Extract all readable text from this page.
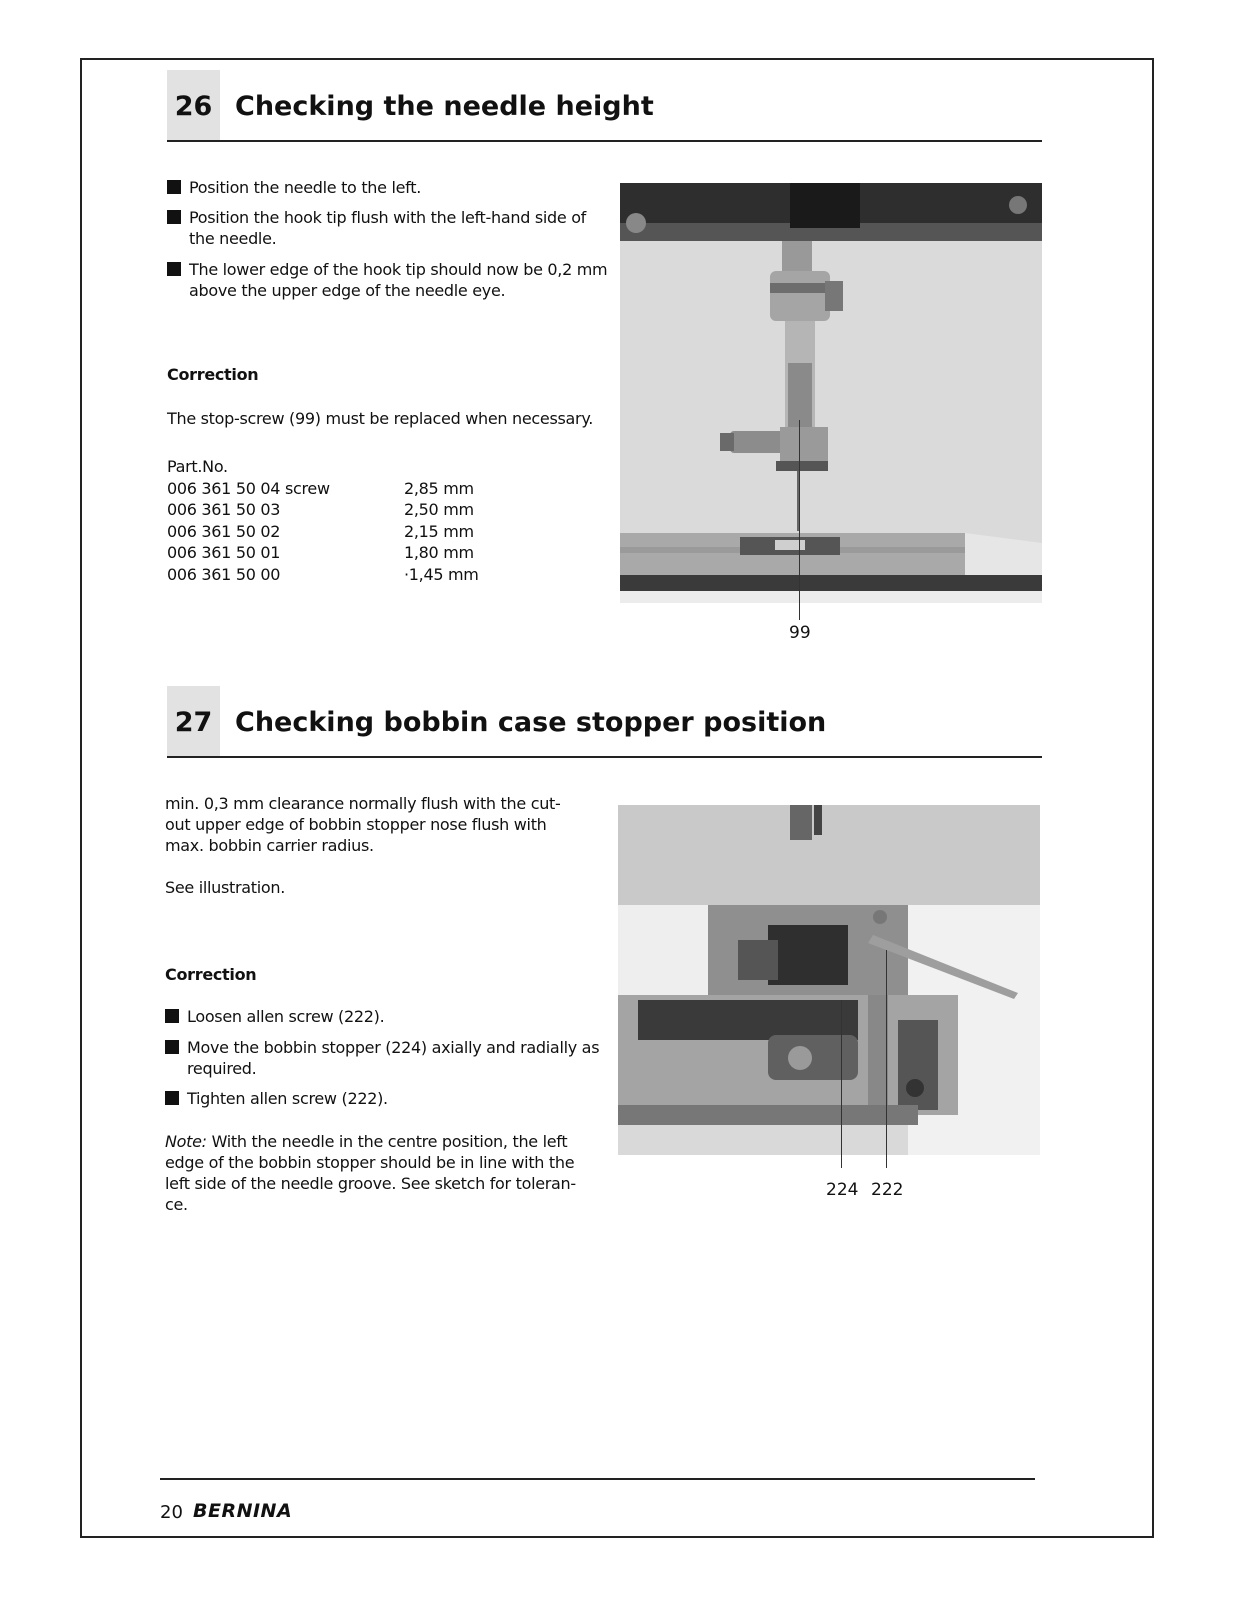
26 Checking the needle height
Position the needle to the left.
Position the hook tip flush with the left-hand side of the needle.
The lower edge of the hook tip should now be 0,2 mm above the upper edge of the needle eye.
Correction
The stop-screw (99) must be replaced when necessary.
Part.No.
006 361 50 04 screw	2,85 mm
006 361 50 03	2,50 mm
006 361 50 02	2,15 mm
006 361 50 01	1,80 mm
006 361 50 00	·1,45 mm
99
27 Checking bobbin case stopper position
min. 0,3 mm clearance normally flush with the cut-out upper edge of bobbin stopper nose flush with max. bobbin carrier radius.
See illustration.
Correction
Loosen allen screw (222).
Move the bobbin stopper (224) axially and radially as required.
Tighten allen screw (222).
Note: With the needle in the centre position, the left edge of the bobbin stopper should be in line with the left side of the needle groove. See sketch for toleran-ce.
224 222
20 BERNINA
